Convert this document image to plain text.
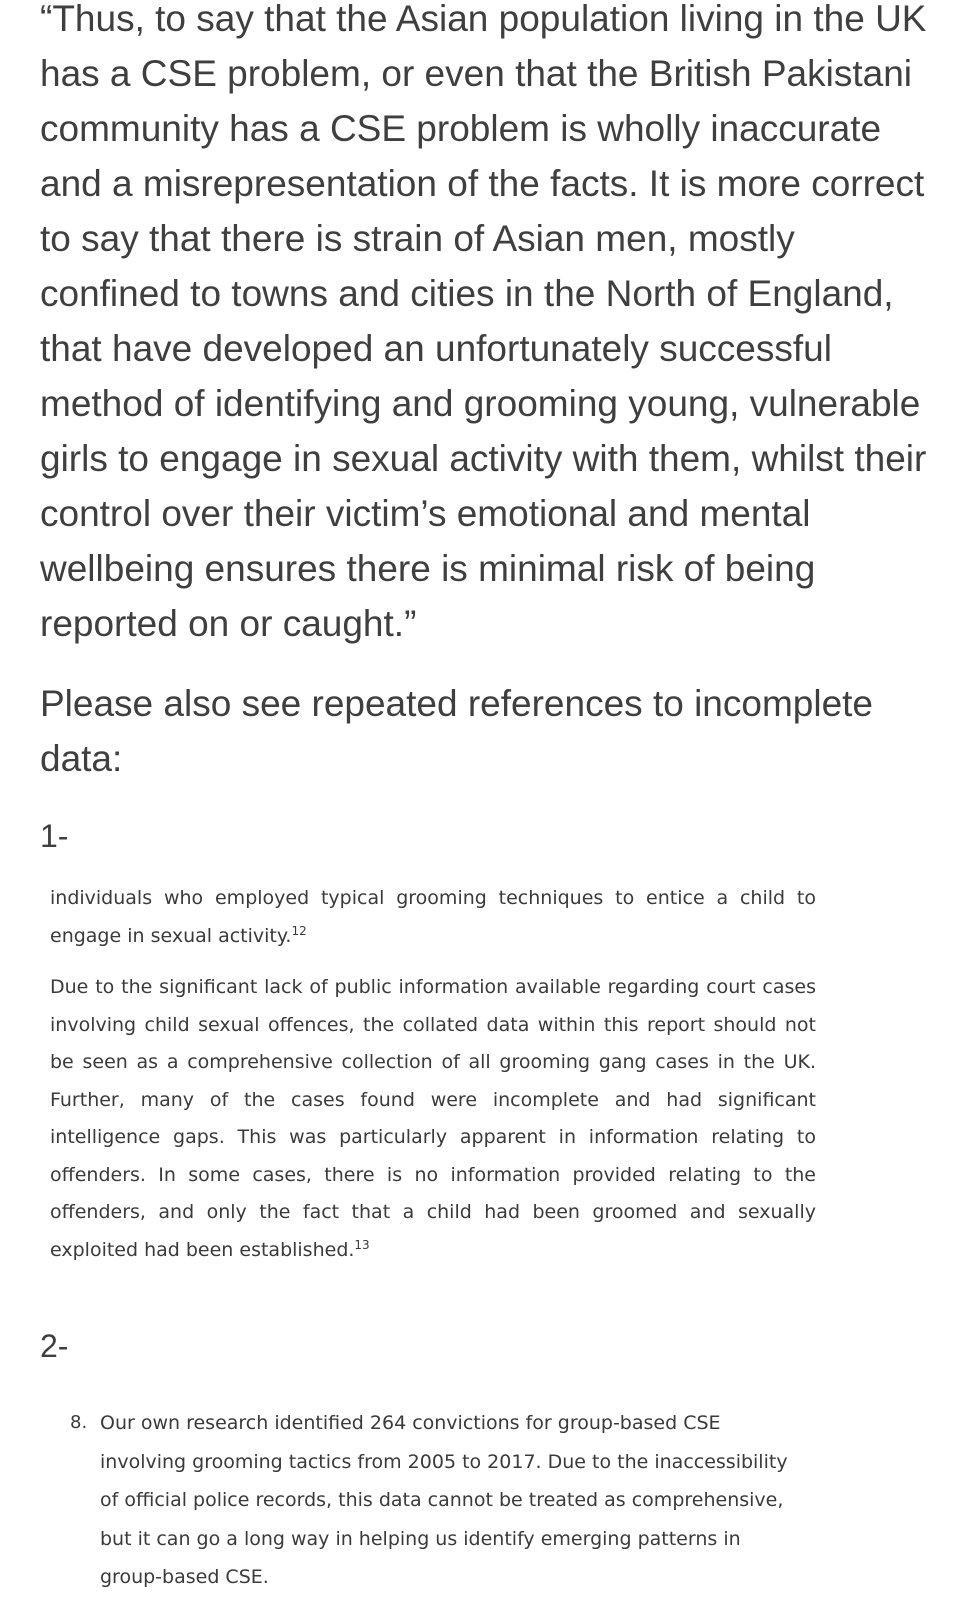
“Thus, to say that the Asian population living in the UK has a CSE problem, or even that the British Pakistani community has a CSE problem is wholly inaccurate and a misrepresentation of the facts. It is more correct to say that there is strain of Asian men, mostly confined to towns and cities in the North of England, that have developed an unfortunately successful method of identifying and grooming young, vulnerable girls to engage in sexual activity with them, whilst their control over their victim’s emotional and mental wellbeing ensures there is minimal risk of being reported on or caught.”

Please also see repeated references to incomplete data:

1-

individuals who employed typical grooming techniques to entice a child to engage in sexual activity.$^{12}$

Due to the significant lack of public information available regarding court cases involving child sexual offences, the collated data within this report should not be seen as a comprehensive collection of all grooming gang cases in the UK. Further, many of the cases found were incomplete and had significant intelligence gaps. This was particularly apparent in information relating to offenders. In some cases, there is no information provided relating to the offenders, and only the fact that a child had been groomed and sexually exploited had been established.$^{13}$

2-
8. Our own research identified 264 convictions for group-based CSE involving grooming tactics from 2005 to 2017. Due to the inaccessibility of official police records, this data cannot be treated as comprehensive, but it can go a long way in helping us identify emerging patterns in group-based CSE.
